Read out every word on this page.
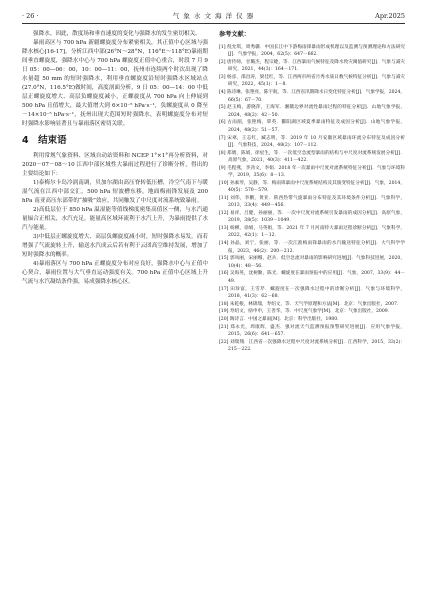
· 26 ·	气 象 水 文 海 洋 仪 器	Apr.2025

强降水。因此，散度场和垂直速度的变化与强降水的发生密切相关。

暴雨高区与 700 hPa 新疆螺旋度分布紧密相关，其正值中心区域与强降水核心[16-17]。分析江西中部(26°N～28°N，116°E～118°E)暴雨期间垂直螺旋度，强降水中心与 700 hPa 螺旋度正值中心重合，时段 7 月 9 日 05：00—06：00，10：00—11：00，抚州市连续两个时次出现了降水量超 50 mm 的短时强降水，利用垂直螺旋度沿短时强降水区域站点(27.0°N，116.5°E)做时间，高度剖面分析，9 日 05：00—14：00 中低层正螺旋度增大、高层负螺旋度减小，正螺旋度从 700 hPa 向上伸展到 500 hPa 且值增大，最大值增大到 6×10⁻⁵ hPa·s⁻¹，负螺旋度从 0 降至 －14×10⁻⁵ hPa·s⁻¹，抚州出现大范围短时强降水，表明螺旋度分布对短时强降水影响显著且与暴雨落区密切关联。

4　结束语

利用常规气象资料、区域自动站资料和 NCEP 1°×1°再分析资料，对 2020－07－08～10 江西中部区域性大暴雨过程进行了诊断分析，得出的主要结论如下：

1)泰梅尔卡岛冷涡南调，贝加尔湖由高压脊转低压槽，冷空气南下与暖湿气流在江西中部交汇，500 hPa 短波槽东移，地面梅雨锋发展及 200 hPa 南亚高压东部带的“抽吸”效应，共同触发了中尺度对流系统致暴雨。

2)高低层位于 850 hPa 温湿能等值线梯度密集高值区一侧，与水汽通量辐合正相关，水汽充足，能量高区域环流利于水汽上升，为暴雨提供了水汽与能量。

3)中低层正螺旋度增大、高层负螺旋度减小时，短时强降水易发。而若增强了气流旋转上升，输送水汽成云后若有利于云团高空维持发展，增加了短时强降水的概率。

4)暴雨落区与 700 hPa 正螺旋度分布对应良好，强降水中心与正值中心契合，暴雨位置与大气垂直运动强度有关。700 hPa 正值中心区域上升气流与水汽凝结条件强，易成强降水核心区。

参考文献：
[1] 倪允琪，周秀骥．中国长江中下游梅雨锋暴雨形成机理以及监测与预测理论和方法研究[J]．气象学报，2004，62(5)：647－662．
[2] 唐传师，甘璐杰，程宗婕，等．江西暴雨气候特征及降水致灾阈值研究[J]．气象与减灾研究，2021，44(3)：164－171．
[3] 杨彦，邵昌涛，梁佳红，等．江西两市两省月秀水质日数气候特征分析[J]．气象与减灾研究，2022，45(1)：1－8．
[4] 陈诗琳，张艳亮，陈宇航，等．江西省汛期降水日变化特征分析[J]．气象学报，2024，66(5)：67－70．
[5] 赵玉梅，游晓萍，王海军．湘赣边界对流性暴雨过程的特征分析[J]．山地气象学报，2024，48(2)：42－50．
[6] 古雨湄，张艳梅，覃英．鄱阳湖区域夏季暴雨特征及成因分析[J]．山地气象学报，2024，48(2)：51－57．
[7] 宋翠，王志红，臧志明，等．2019 年 10 月安徽区域暴雨环流分布特征及成因分析[J]．气象科技，2024，48(2)：107－112．
[8] 郑婧，陈娟，徐星生，等．一次低空急流型暴雨的结构与中尺度对流系统发展分析[J]．高原气象，2021，40(3)：411－422．
[9] 毛程燕，李劲文，李娟．2018 年一次暴雨中尺度对流系统特征分析[J]．气象与环境科学，2019，35(6)：8－13．
[10] 孙素琴，吴静，等．梅雨锋暴雨中尺度系统结构及其演变特征分析[J]．气象，2014，40(5)：570－579．
[11] 刘伟，李鹏，黄亚．陕西热带气旋暴雨分布特征及其环境条件分析[J]．气象科学，2013，33(4)：449－456．
[12] 易祥，吕健，孙丽丽，等．一次中尺度对流系统引发暴雨的成因分析[J]．高原气象，2019，38(5)：1039－1049．
[13] 杨柳，徐娟，马英娟，等．2021 年 7 月河南特大暴雨过程诊断分析[J]．气象科学，2022，42(1)：1－12．
[14] 孙晶，刘宁，张丽，等．一次江淮梅雨锋暴雨的水汽输送特征分析[J]．大气科学学报，2023，46(2)：200－212．
[15] 郭凤丽，宋丽娜，赵兵．低空急流对暴雨的影响研究进展[J]．气象科技进展，2020，10(4)：48－56．
[16] 吴海英，沈树勤，陈光．螺旋度在暴雨预报中的应用[J]．气象，2007，33(9)：44－49．
[17] 田珍富，王雪芹．螺旋度在一次强降水过程中的诊断分析[J]．气象与环境科学，2018，41(3)：62－68．
[18] 朱乾根，林锦瑞，寿绍文，等．天气学原理和方法[M]．北京：气象出版社，2007．
[19] 寿绍文，励申申，王善华，等．中尺度气象学[M]．北京：气象出版社，2009．
[20] 陶诗言．中国之暴雨[M]．北京：科学出版社，1980．
[21] 郑永光，周康辉，盛杰．强对流天气监测预报预警研究进展[J]．应用气象学报，2015，26(6)：641－657．
[22] 刘瑞翔．江西省一次强降水过程中尺度对流系统分析[J]．江西科学，2015，33(2)：215－222．
